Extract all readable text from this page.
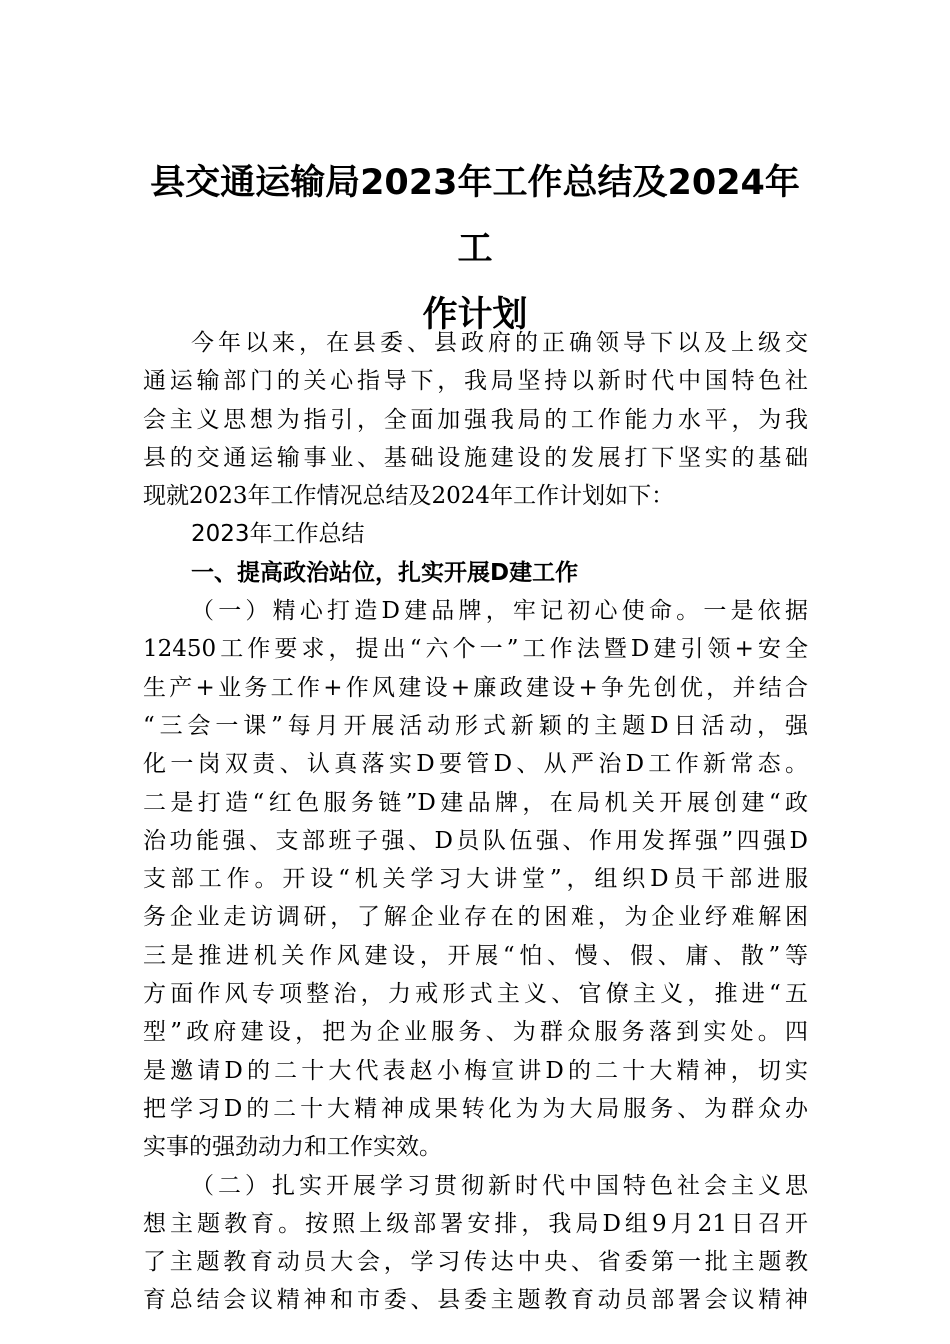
县交通运输局2023年工作总结及2024年工
作计划
今年以来，在县委、县政府的正确领导下以及上级交
通运输部门的关心指导下，我局坚持以新时代中国特色社
会主义思想为指引，全面加强我局的工作能力水平，为我
县的交通运输事业、基础设施建设的发展打下坚实的基础
现就2023年工作情况总结及2024年工作计划如下：
2023年工作总结
一、提高政治站位，扎实开展D建工作
（一）精心打造D建品牌，牢记初心使命。一是依据
12450工作要求，提出“六个一”工作法暨D建引领+安全
生产+业务工作+作风建设+廉政建设+争先创优，并结合
“三会一课”每月开展活动形式新颖的主题D日活动，强
化一岗双责、认真落实D要管D、从严治D工作新常态。
二是打造“红色服务链”D建品牌，在局机关开展创建“政
治功能强、支部班子强、D员队伍强、作用发挥强”四强D
支部工作。开设“机关学习大讲堂”，组织D员干部进服
务企业走访调研，了解企业存在的困难，为企业纾难解困
三是推进机关作风建设，开展“怕、慢、假、庸、散”等
方面作风专项整治，力戒形式主义、官僚主义，推进“五
型”政府建设，把为企业服务、为群众服务落到实处。四
是邀请D的二十大代表赵小梅宣讲D的二十大精神，切实
把学习D的二十大精神成果转化为为大局服务、为群众办
实事的强劲动力和工作实效。
（二）扎实开展学习贯彻新时代中国特色社会主义思
想主题教育。按照上级部署安排，我局D组9月21日召开
了主题教育动员大会，学习传达中央、省委第一批主题教
育总结会议精神和市委、县委主题教育动员部署会议精神
